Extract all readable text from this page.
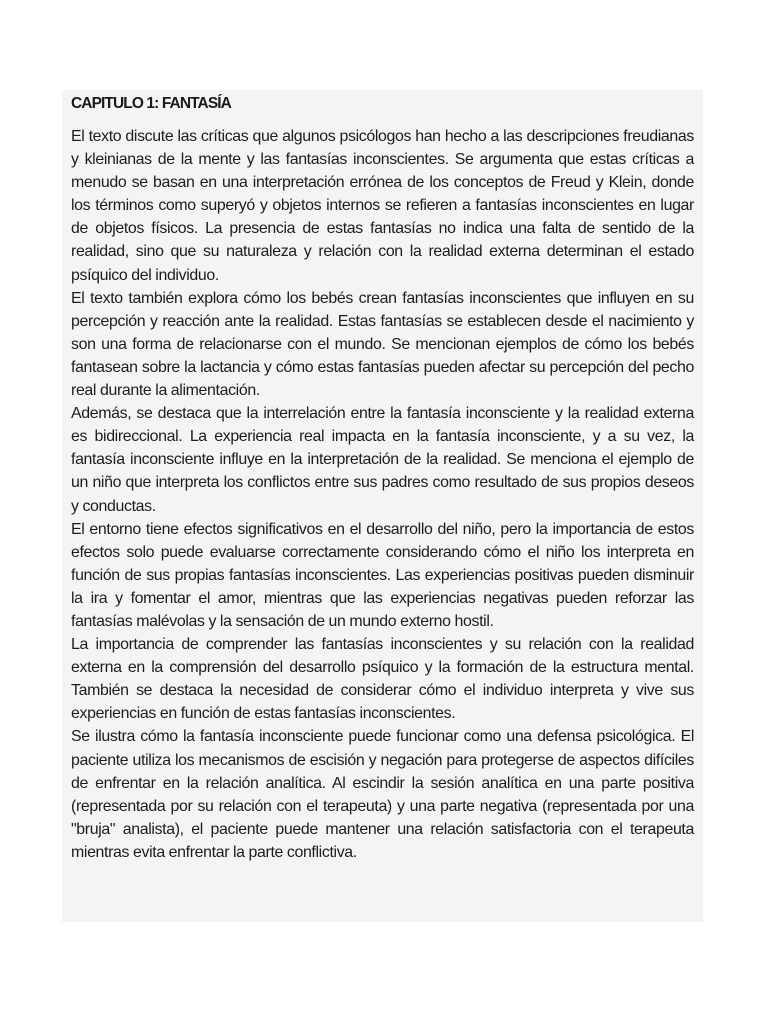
CAPITULO 1: FANTASÍA

El texto discute las críticas que algunos psicólogos han hecho a las descripciones freudianas y kleinianas de la mente y las fantasías inconscientes. Se argumenta que estas críticas a menudo se basan en una interpretación errónea de los conceptos de Freud y Klein, donde los términos como superyó y objetos internos se refieren a fantasías inconscientes en lugar de objetos físicos. La presencia de estas fantasías no indica una falta de sentido de la realidad, sino que su naturaleza y relación con la realidad externa determinan el estado psíquico del individuo.

El texto también explora cómo los bebés crean fantasías inconscientes que influyen en su percepción y reacción ante la realidad. Estas fantasías se establecen desde el nacimiento y son una forma de relacionarse con el mundo. Se mencionan ejemplos de cómo los bebés fantasean sobre la lactancia y cómo estas fantasías pueden afectar su percepción del pecho real durante la alimentación.

Además, se destaca que la interrelación entre la fantasía inconsciente y la realidad externa es bidireccional. La experiencia real impacta en la fantasía inconsciente, y a su vez, la fantasía inconsciente influye en la interpretación de la realidad. Se menciona el ejemplo de un niño que interpreta los conflictos entre sus padres como resultado de sus propios deseos y conductas.

El entorno tiene efectos significativos en el desarrollo del niño, pero la importancia de estos efectos solo puede evaluarse correctamente considerando cómo el niño los interpreta en función de sus propias fantasías inconscientes. Las experiencias positivas pueden disminuir la ira y fomentar el amor, mientras que las experiencias negativas pueden reforzar las fantasías malévolas y la sensación de un mundo externo hostil.

La importancia de comprender las fantasías inconscientes y su relación con la realidad externa en la comprensión del desarrollo psíquico y la formación de la estructura mental. También se destaca la necesidad de considerar cómo el individuo interpreta y vive sus experiencias en función de estas fantasías inconscientes.

Se ilustra cómo la fantasía inconsciente puede funcionar como una defensa psicológica. El paciente utiliza los mecanismos de escisión y negación para protegerse de aspectos difíciles de enfrentar en la relación analítica. Al escindir la sesión analítica en una parte positiva (representada por su relación con el terapeuta) y una parte negativa (representada por una "bruja" analista), el paciente puede mantener una relación satisfactoria con el terapeuta mientras evita enfrentar la parte conflictiva.
